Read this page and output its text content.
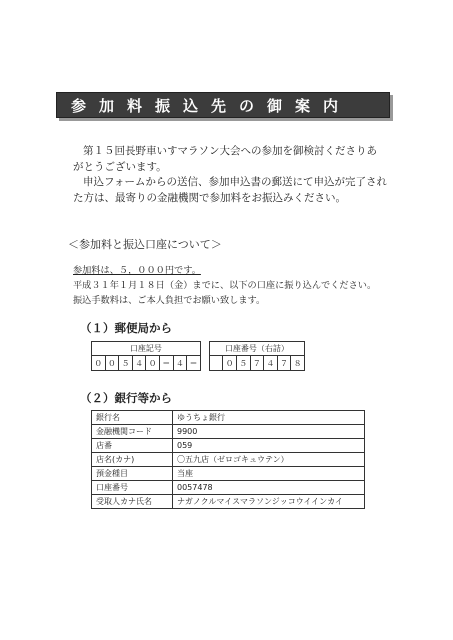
参加料振込先の御案内

第１５回長野車いすマラソン大会への参加を御検討くださりあ

がとうございます。

申込フォームからの送信、参加申込書の郵送にて申込が完了され

た方は、最寄りの金融機関で参加料をお振込みください。

＜参加料と振込口座について＞
参加料は、５，０００円です。
平成３１年１月１８日（金）までに、以下の口座に振り込んでください。
振込手数料は、ご本人負担でお願い致します。
（１）郵便局から
口座記号									口座番号（右詰）						
０	０	５	４	０	＝	４	＝			０	５	７	４	７	８
（２）銀行等から
銀行名	ゆうちょ銀行
金融機関コード	9900
店番	059
店名(カナ)	〇五九店（ゼロゴキュウテン）
預金種目	当座
口座番号	0057478
受取人カナ氏名	ナガノクルマイスマラソンジッコウイインカイ
